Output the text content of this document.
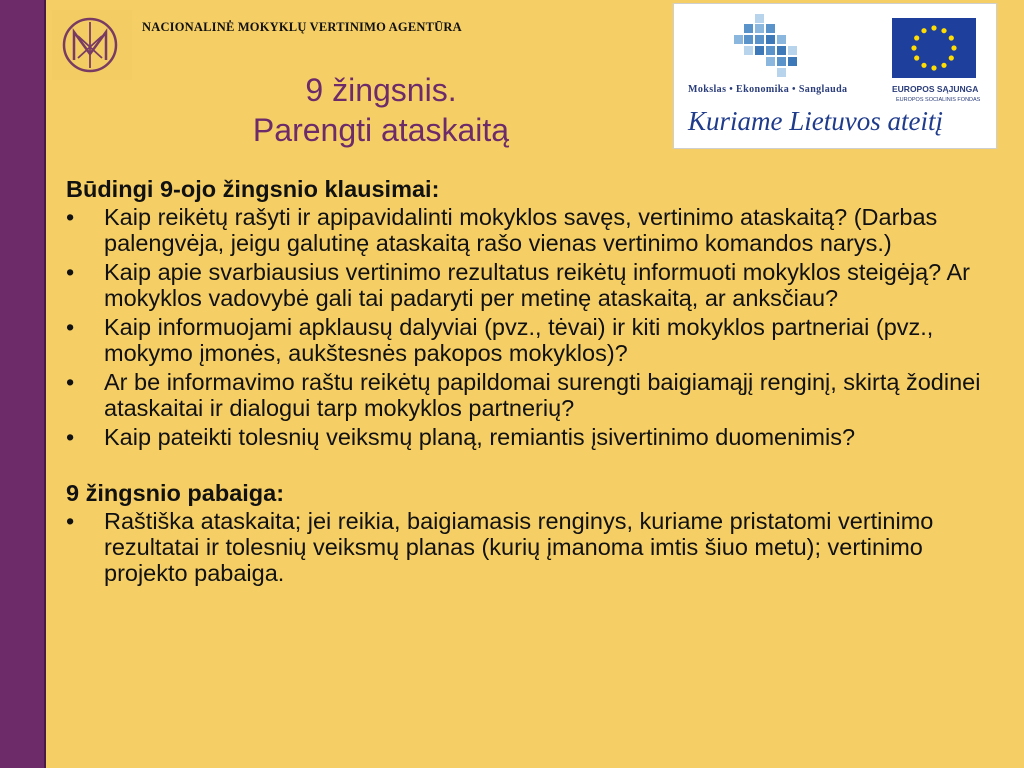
NACIONALINĖ MOKYKLŲ VERTINIMO AGENTŪRA
9 žingsnis.
Parengti ataskaitą
Mokslas • Ekonomika • Sanglauda	EUROPOS SĄJUNGA
EUROPOS SOCIALINIS FONDAS
Kuriame Lietuvos ateitį
Būdingi 9-ojo žingsnio klausimai:
• Kaip reikėtų rašyti ir apipavidalinti mokyklos savęs, vertinimo ataskaitą? (Darbas palengvėja, jeigu galutinę ataskaitą rašo vienas vertinimo komandos narys.)
• Kaip apie svarbiausius vertinimo rezultatus reikėtų informuoti mokyklos steigėją? Ar mokyklos vadovybė gali tai padaryti per metinę ataskaitą, ar anksčiau?
• Kaip informuojami apklausų dalyviai (pvz., tėvai) ir kiti mokyklos partneriai (pvz., mokymo įmonės, aukštesnės pakopos mokyklos)?
• Ar be informavimo raštu reikėtų papildomai surengti baigiamąjį renginį, skirtą žodinei ataskaitai ir dialogui tarp mokyklos partnerių?
• Kaip pateikti tolesnių veiksmų planą, remiantis įsivertinimo duomenimis?
9 žingsnio pabaiga:
• Raštiška ataskaita; jei reikia, baigiamasis renginys, kuriame pristatomi vertinimo rezultatai ir tolesnių veiksmų planas (kurių įmanoma imtis šiuo metu); vertinimo projekto pabaiga.
